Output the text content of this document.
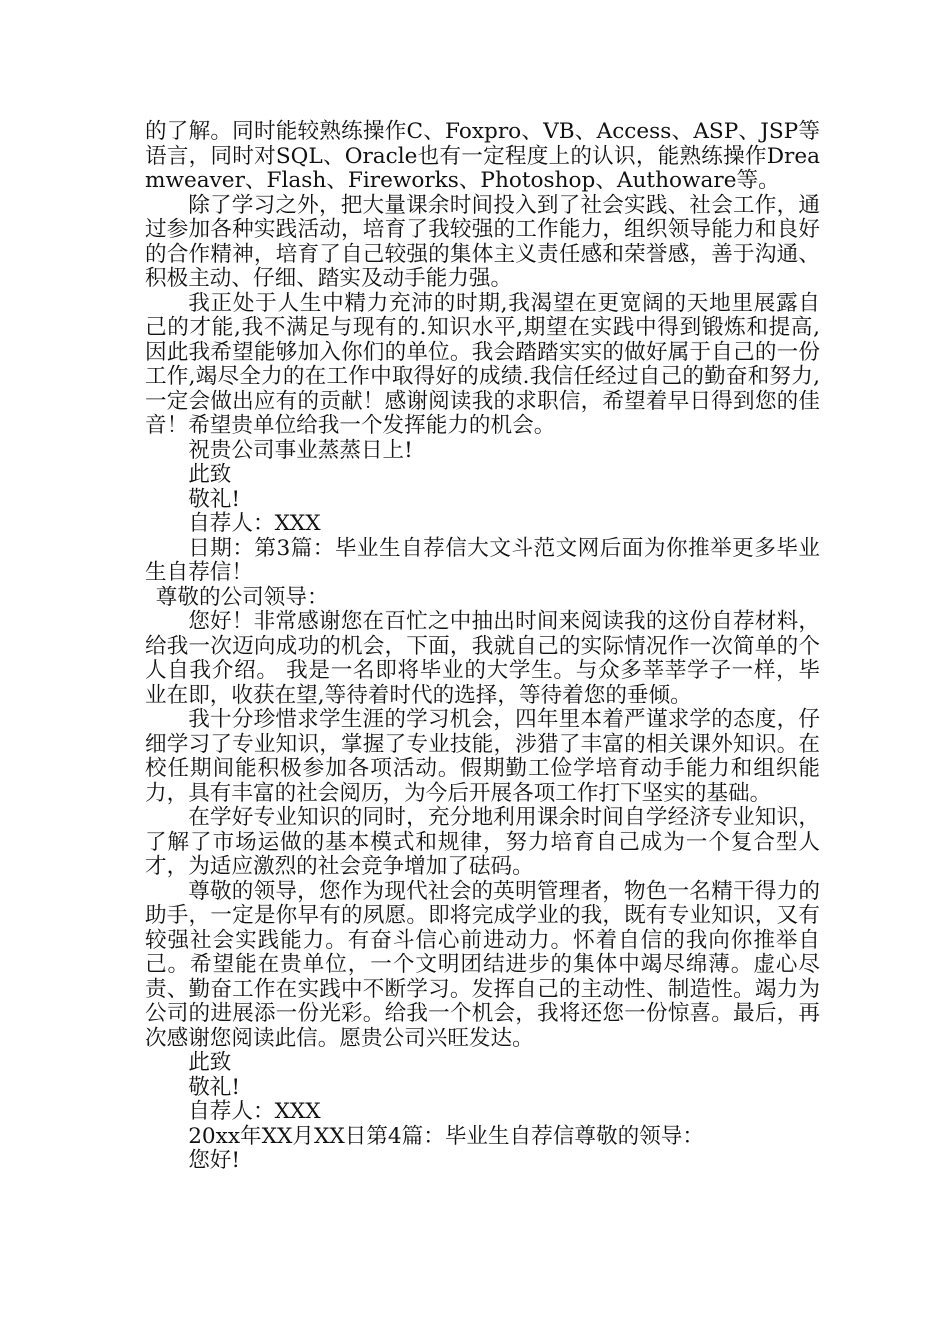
的了解。同时能较熟练操作C、Foxpro、VB、Access、ASP、JSP等语言，同时对SQL、Oracle也有一定程度上的认识，能熟练操作Dreamweaver、Flash、Fireworks、Photoshop、Authoware等。

除了学习之外，把大量课余时间投入到了社会实践、社会工作，通过参加各种实践活动，培育了我较强的工作能力，组织领导能力和良好的合作精神，培育了自己较强的集体主义责任感和荣誉感，善于沟通、积极主动、仔细、踏实及动手能力强。

我正处于人生中精力充沛的时期,我渴望在更宽阔的天地里展露自己的才能,我不满足与现有的.知识水平,期望在实践中得到锻炼和提高,因此我希望能够加入你们的单位。我会踏踏实实的做好属于自己的一份工作,竭尽全力的在工作中取得好的成绩.我信任经过自己的勤奋和努力,一定会做出应有的贡献！感谢阅读我的求职信，希望着早日得到您的佳音！希望贵单位给我一个发挥能力的机会。

祝贵公司事业蒸蒸日上!

此致

敬礼!

自荐人：XXX

日期：第3篇：毕业生自荐信大文斗范文网后面为你推举更多毕业生自荐信！

尊敬的公司领导：

您好！非常感谢您在百忙之中抽出时间来阅读我的这份自荐材料，给我一次迈向成功的机会，下面，我就自己的实际情况作一次简单的个人自我介绍。 我是一名即将毕业的大学生。与众多莘莘学子一样，毕业在即，收获在望,等待着时代的选择，等待着您的垂倾。

我十分珍惜求学生涯的学习机会，四年里本着严谨求学的态度，仔细学习了专业知识，掌握了专业技能，涉猎了丰富的相关课外知识。在校任期间能积极参加各项活动。假期勤工俭学培育动手能力和组织能力，具有丰富的社会阅历，为今后开展各项工作打下坚实的基础。

在学好专业知识的同时，充分地利用课余时间自学经济专业知识，了解了市场运做的基本模式和规律，努力培育自己成为一个复合型人才，为适应激烈的社会竞争增加了砝码。

尊敬的领导，您作为现代社会的英明管理者，物色一名精干得力的助手，一定是你早有的夙愿。即将完成学业的我，既有专业知识，又有较强社会实践能力。有奋斗信心前进动力。怀着自信的我向你推举自己。希望能在贵单位，一个文明团结进步的集体中竭尽绵薄。虚心尽责、勤奋工作在实践中不断学习。发挥自己的主动性、制造性。竭力为公司的进展添一份光彩。给我一个机会，我将还您一份惊喜。最后，再次感谢您阅读此信。愿贵公司兴旺发达。

此致

敬礼!

自荐人：XXX

20xx年XX月XX日第4篇：毕业生自荐信尊敬的领导：

您好!
